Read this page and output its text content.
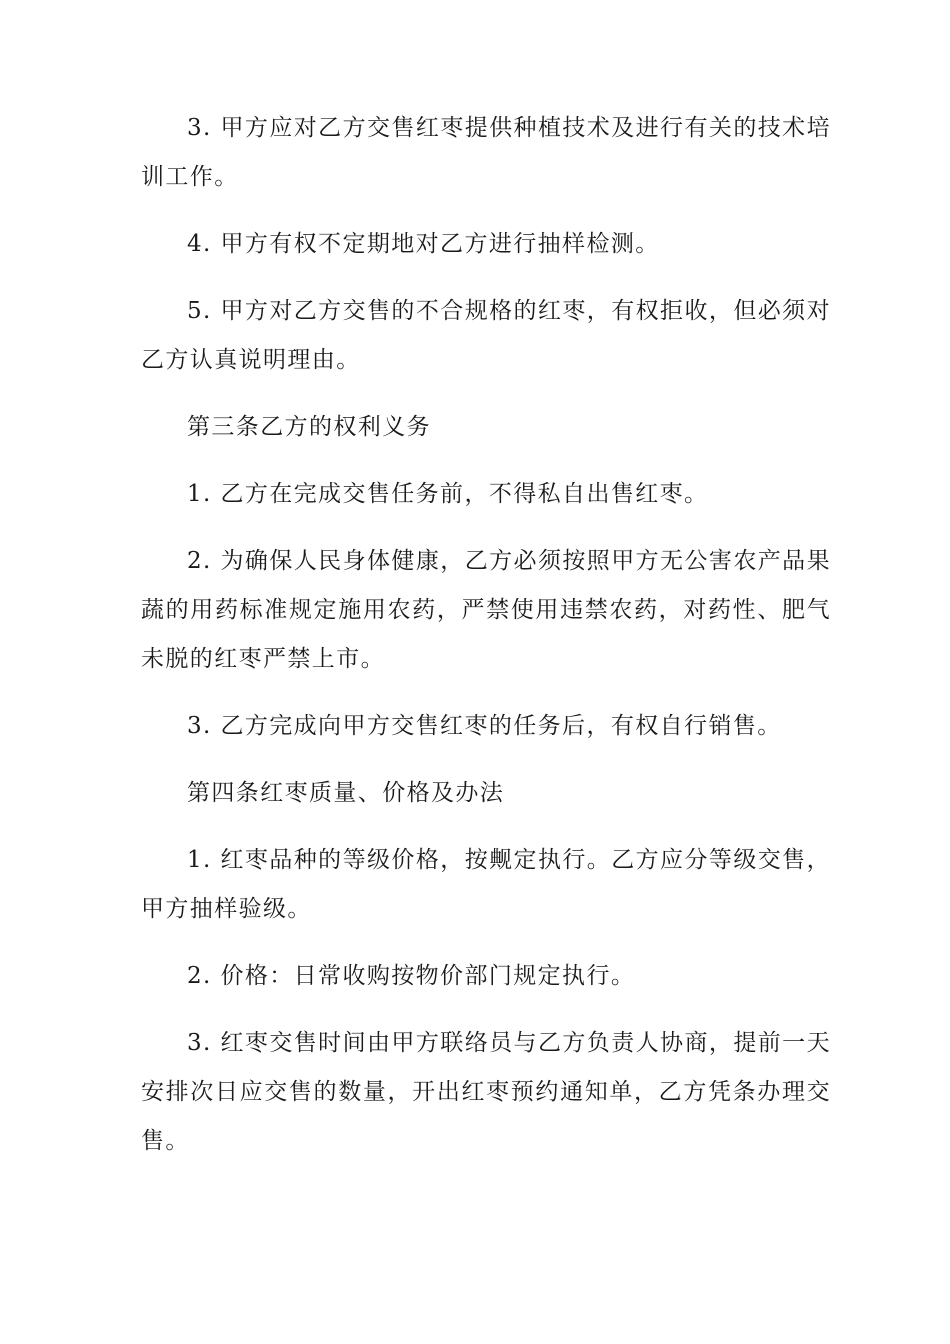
3. 甲方应对乙方交售红枣提供种植技术及进行有关的技术培训工作。

4. 甲方有权不定期地对乙方进行抽样检测。

5. 甲方对乙方交售的不合规格的红枣，有权拒收，但必须对乙方认真说明理由。

第三条乙方的权利义务

1. 乙方在完成交售任务前，不得私自出售红枣。

2. 为确保人民身体健康，乙方必须按照甲方无公害农产品果蔬的用药标准规定施用农药，严禁使用违禁农药，对药性、肥气未脱的红枣严禁上市。

3. 乙方完成向甲方交售红枣的任务后，有权自行销售。

第四条红枣质量、价格及办法

1. 红枣品种的等级价格，按觍定执行。乙方应分等级交售，甲方抽样验级。

2. 价格：日常收购按物价部门规定执行。

3. 红枣交售时间由甲方联络员与乙方负责人协商，提前一天安排次日应交售的数量，开出红枣预约通知单，乙方凭条办理交售。
